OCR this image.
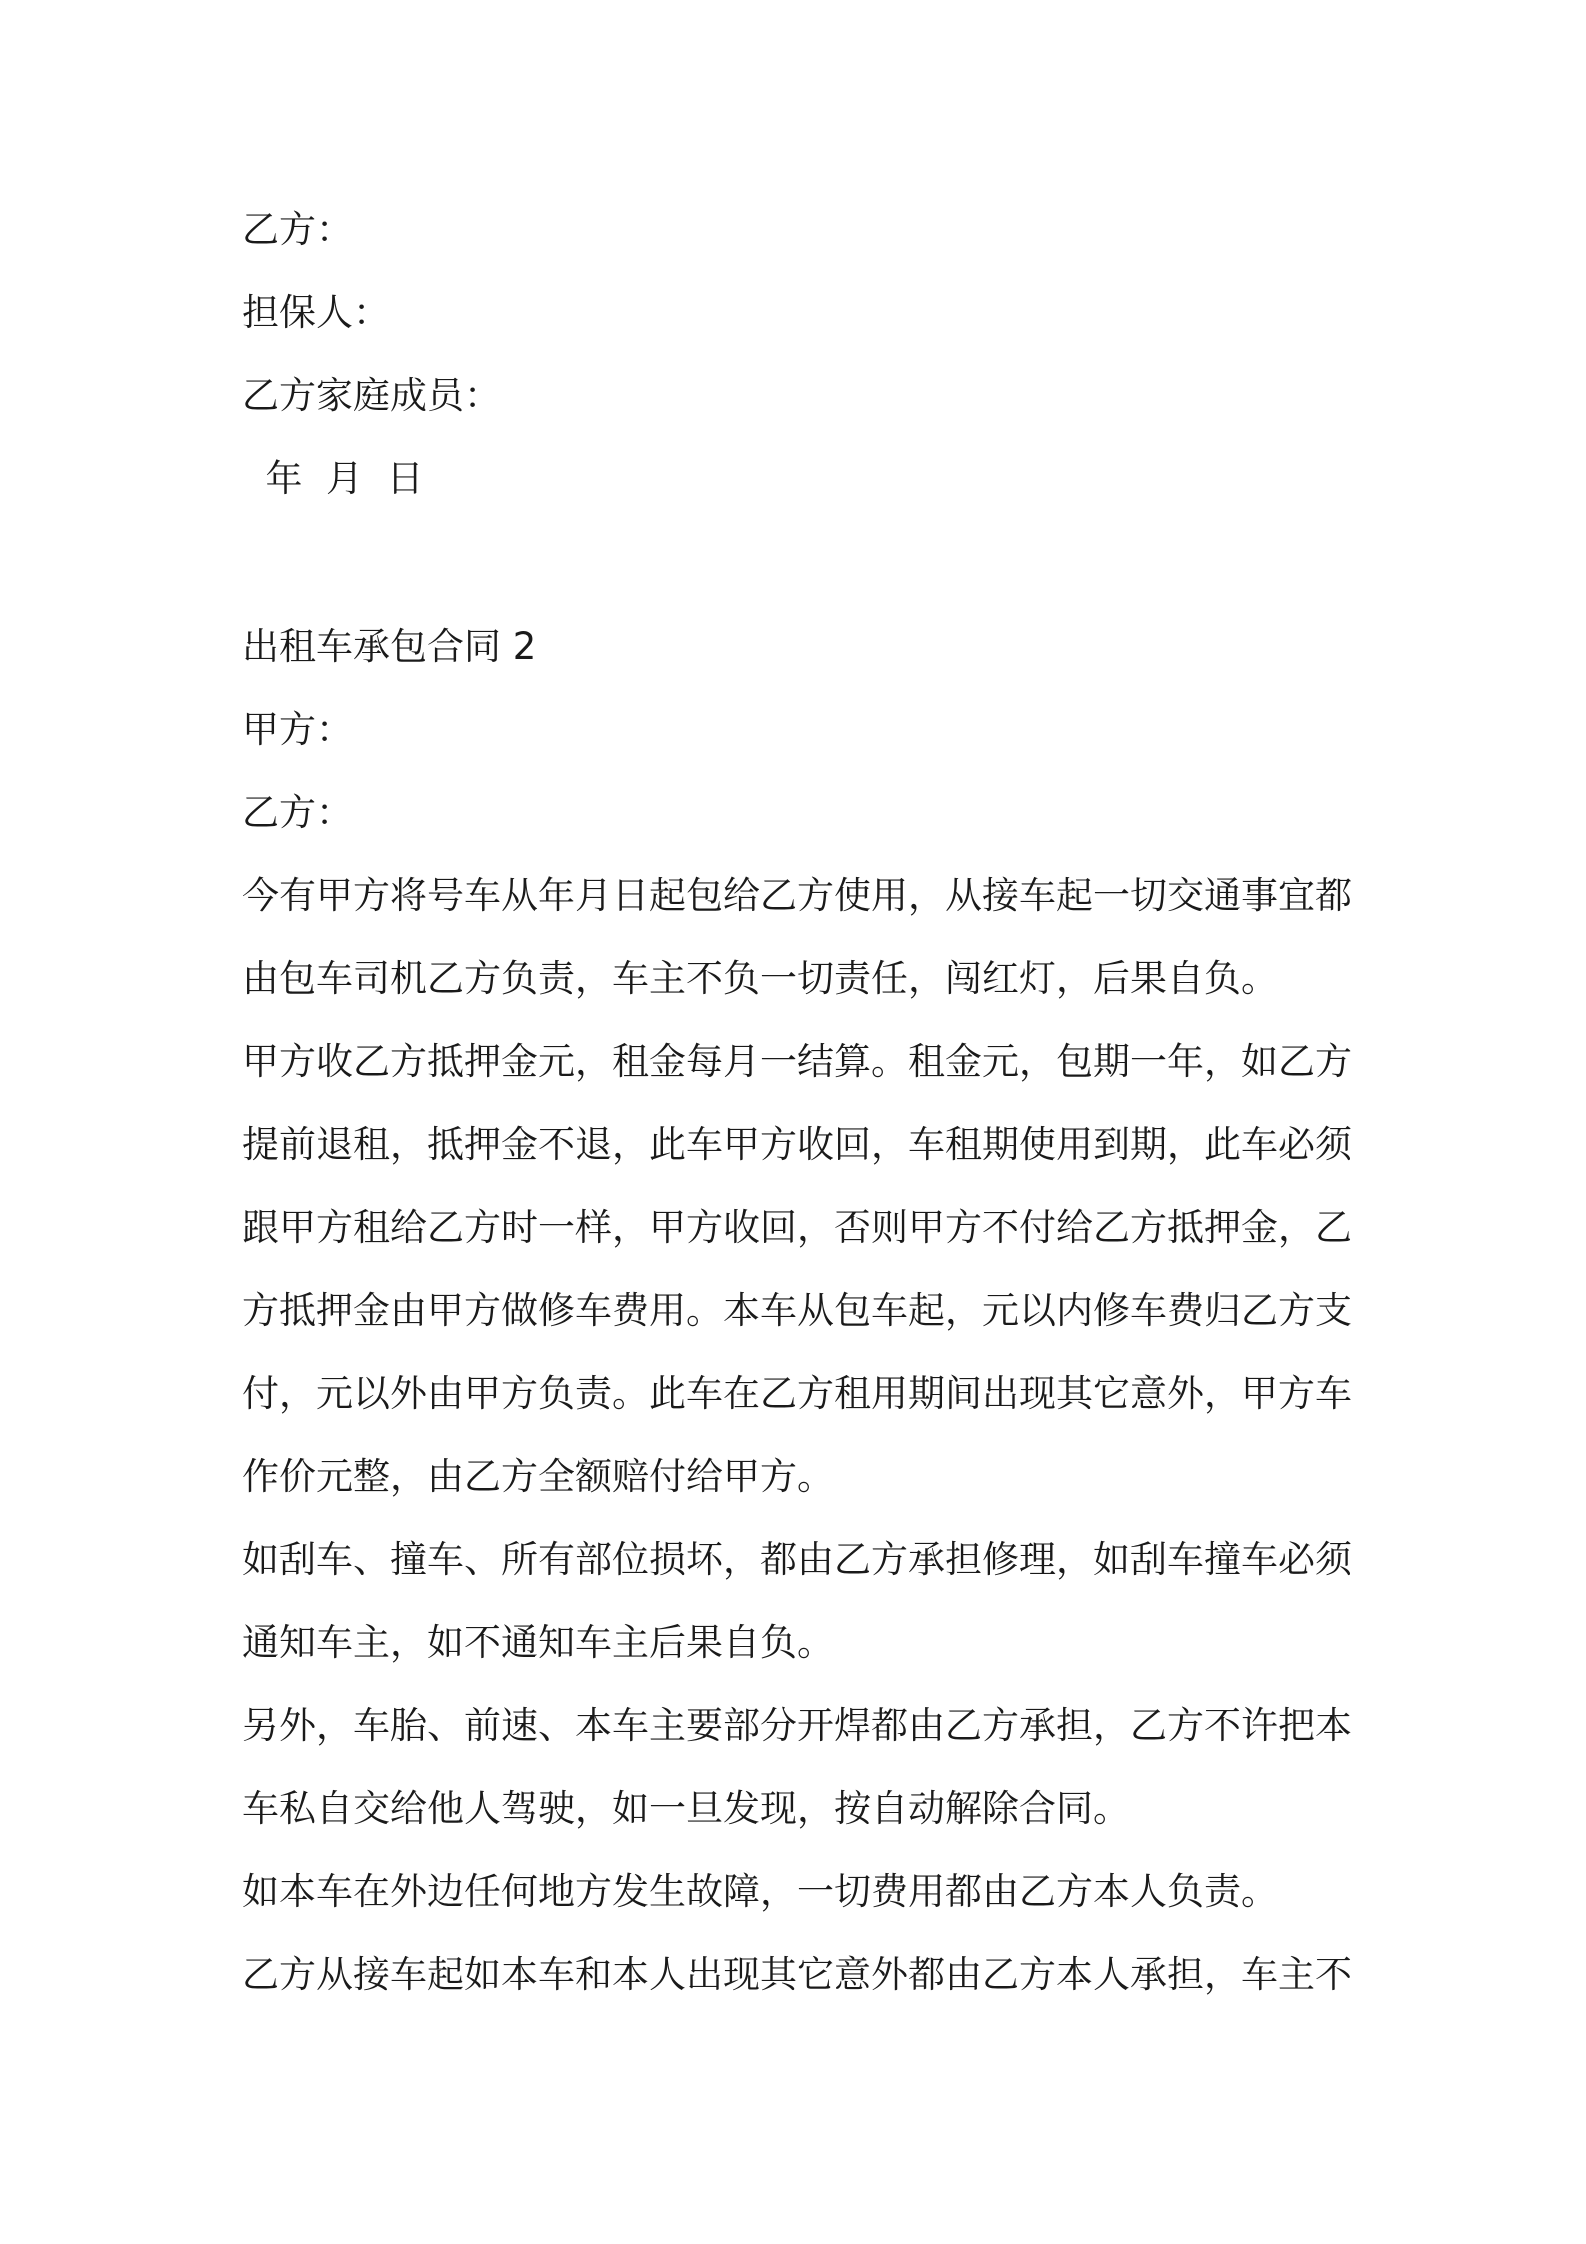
乙方：
担保人：
乙方家庭成员：
年  月  日
出租车承包合同 2
甲方：
乙方：
今有甲方将号车从年月日起包给乙方使用，从接车起一切交通事宜都
由包车司机乙方负责，车主不负一切责任，闯红灯，后果自负。
甲方收乙方抵押金元，租金每月一结算。租金元，包期一年，如乙方
提前退租，抵押金不退，此车甲方收回，车租期使用到期，此车必须
跟甲方租给乙方时一样，甲方收回，否则甲方不付给乙方抵押金，乙
方抵押金由甲方做修车费用。本车从包车起，元以内修车费归乙方支
付，元以外由甲方负责。此车在乙方租用期间出现其它意外，甲方车
作价元整，由乙方全额赔付给甲方。
如刮车、撞车、所有部位损坏，都由乙方承担修理，如刮车撞车必须
通知车主，如不通知车主后果自负。
另外，车胎、前速、本车主要部分开焊都由乙方承担，乙方不许把本
车私自交给他人驾驶，如一旦发现，按自动解除合同。
如本车在外边任何地方发生故障，一切费用都由乙方本人负责。
乙方从接车起如本车和本人出现其它意外都由乙方本人承担，车主不
